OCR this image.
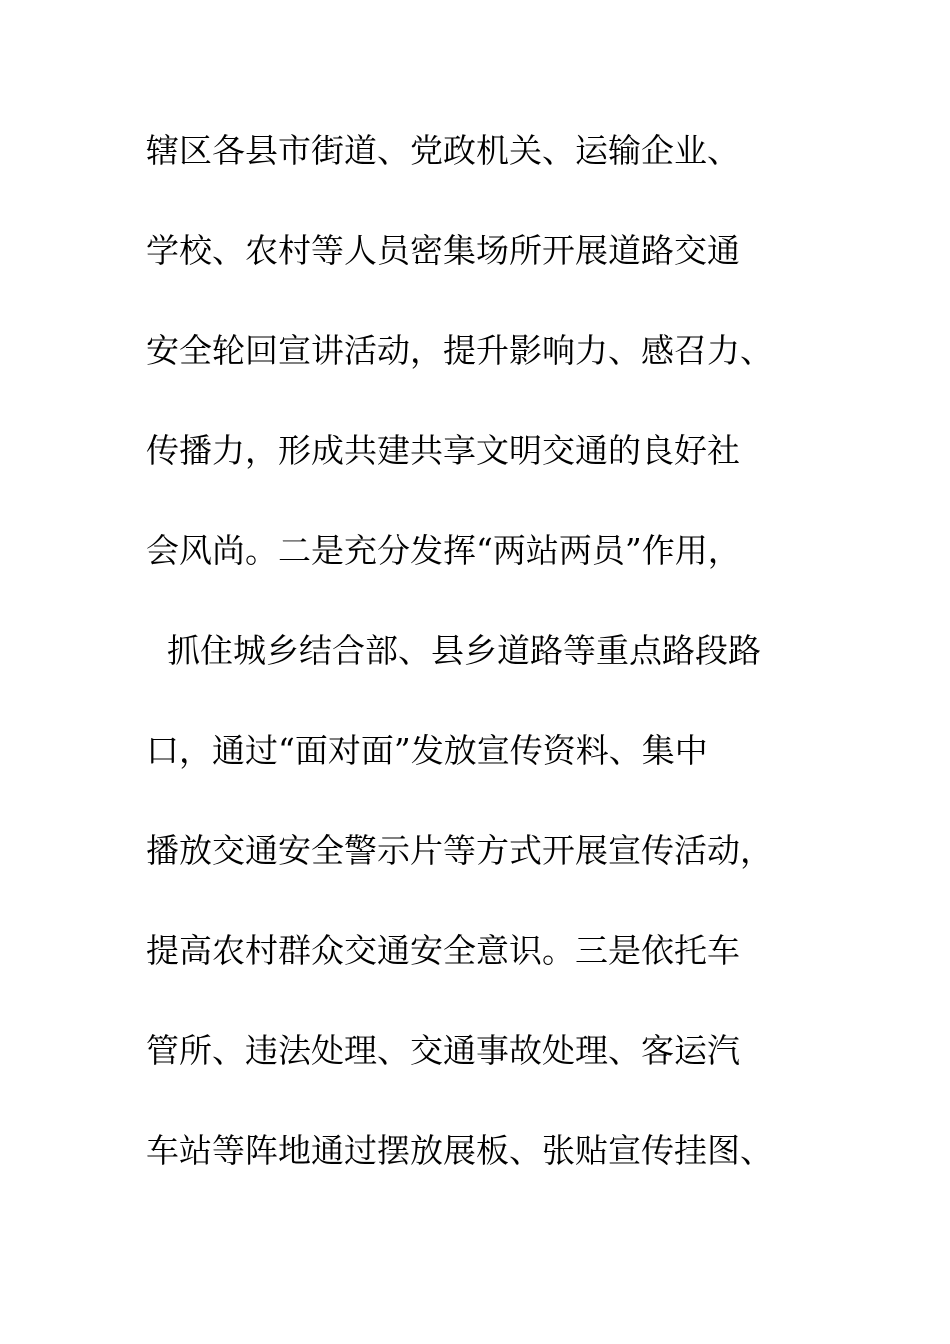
辖区各县市街道、党政机关、运输企业、
学校、农村等人员密集场所开展道路交通
安全轮回宣讲活动，提升影响力、感召力、
传播力，形成共建共享文明交通的良好社
会风尚。二是充分发挥“两站两员”作用，
抓住城乡结合部、县乡道路等重点路段路
口，通过“面对面”发放宣传资料、集中
播放交通安全警示片等方式开展宣传活动，
提高农村群众交通安全意识。三是依托车
管所、违法处理、交通事故处理、客运汽
车站等阵地通过摆放展板、张贴宣传挂图、
